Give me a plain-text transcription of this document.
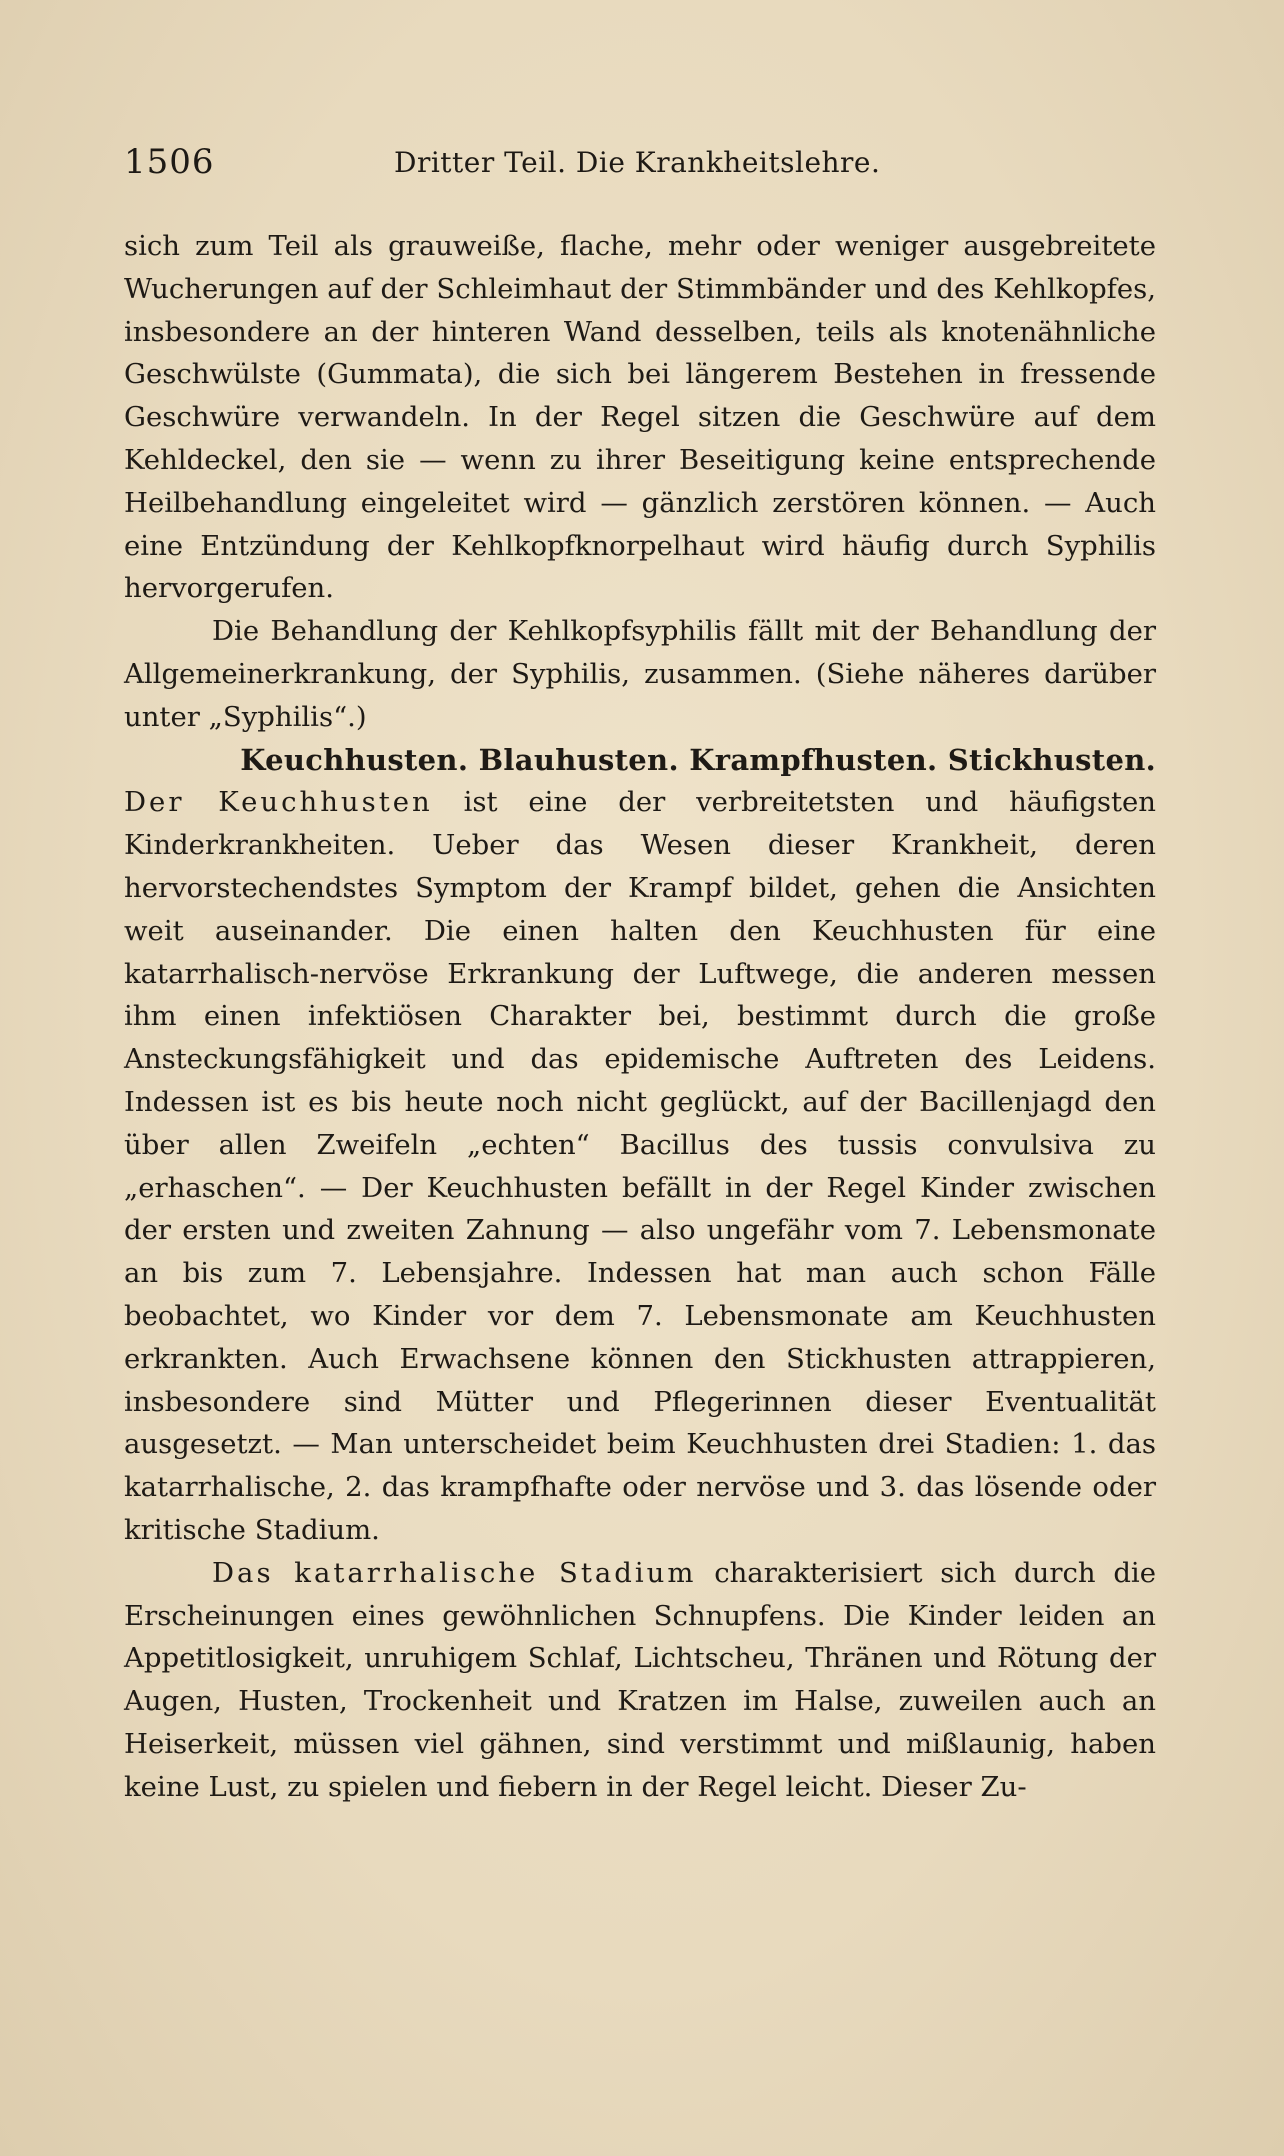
1506	Dritter Teil. Die Krankheitslehre.

sich zum Teil als grauweiße, flache, mehr oder weniger ausgebreitete Wucherungen auf der Schleimhaut der Stimmbänder und des Kehlkopfes, insbesondere an der hinteren Wand desselben, teils als knotenähnliche Geschwülste (Gummata), die sich bei längerem Bestehen in fressende Geschwüre verwandeln. In der Regel sitzen die Geschwüre auf dem Kehldeckel, den sie — wenn zu ihrer Beseitigung keine entsprechende Heilbehandlung eingeleitet wird — gänzlich zerstören können. — Auch eine Entzündung der Kehlkopfknorpelhaut wird häufig durch Syphilis hervorgerufen.

Die Behandlung der Kehlkopfsyphilis fällt mit der Behandlung der Allgemeinerkrankung, der Syphilis, zusammen. (Siehe näheres darüber unter „Syphilis“.)

Keuchhusten. Blauhusten. Krampfhusten. Stickhusten.

Der Keuchhusten ist eine der verbreitetsten und häufigsten Kinderkrankheiten. Ueber das Wesen dieser Krankheit, deren hervorstechendstes Symptom der Krampf bildet, gehen die Ansichten weit auseinander. Die einen halten den Keuchhusten für eine katarrhalisch-nervöse Erkrankung der Luftwege, die anderen messen ihm einen infektiösen Charakter bei, bestimmt durch die große Ansteckungsfähigkeit und das epidemische Auftreten des Leidens. Indessen ist es bis heute noch nicht geglückt, auf der Bacillenjagd den über allen Zweifeln „echten“ Bacillus des tussis convulsiva zu „erhaschen“. — Der Keuchhusten befällt in der Regel Kinder zwischen der ersten und zweiten Zahnung — also ungefähr vom 7. Lebensmonate an bis zum 7. Lebensjahre. Indessen hat man auch schon Fälle beobachtet, wo Kinder vor dem 7. Lebensmonate am Keuchhusten erkrankten. Auch Erwachsene können den Stickhusten attrappieren, insbesondere sind Mütter und Pflegerinnen dieser Eventualität ausgesetzt. — Man unterscheidet beim Keuchhusten drei Stadien: 1. das katarrhalische, 2. das krampfhafte oder nervöse und 3. das lösende oder kritische Stadium.

Das katarrhalische Stadium charakterisiert sich durch die Erscheinungen eines gewöhnlichen Schnupfens. Die Kinder leiden an Appetitlosigkeit, unruhigem Schlaf, Lichtscheu, Thränen und Rötung der Augen, Husten, Trockenheit und Kratzen im Halse, zuweilen auch an Heiserkeit, müssen viel gähnen, sind verstimmt und mißlaunig, haben keine Lust, zu spielen und fiebern in der Regel leicht. Dieser Zu-
